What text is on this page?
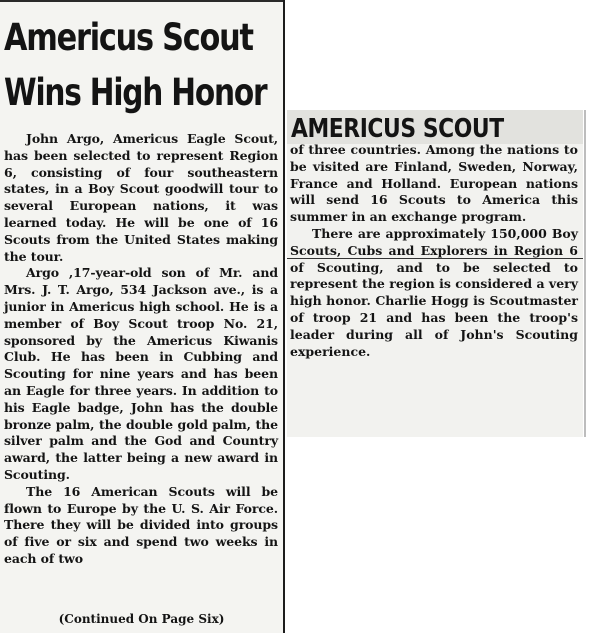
Americus Scout
Wins High Honor

John Argo, Americus Eagle Scout, has been selected to represent Region 6, consisting of four southeastern states, in a Boy Scout goodwill tour to several European nations, it was learned today. He will be one of 16 Scouts from the United States making the tour.

Argo ,17-year-old son of Mr. and Mrs. J. T. Argo, 534 Jackson ave., is a junior in Americus high school. He is a member of Boy Scout troop No. 21, sponsored by the Americus Kiwanis Club. He has been in Cubbing and Scouting for nine years and has been an Eagle for three years. In addition to his Eagle badge, John has the double bronze palm, the double gold palm, the silver palm and the God and Country award, the latter being a new award in Scouting.

The 16 American Scouts will be flown to Europe by the U. S. Air Force. There they will be divided into groups of five or six and spend two weeks in each of two

(Continued On Page Six)
AMERICUS SCOUT

of three countries. Among the nations to be visited are Finland, Sweden, Norway, France and Holland. European nations will send 16 Scouts to America this summer in an exchange program.

There are approximately 150,000 Boy Scouts, Cubs and Explorers in Region 6 of Scouting, and to be selected to represent the region is considered a very high honor. Charlie Hogg is Scoutmaster of troop 21 and has been the troop's leader during all of John's Scouting experience.
